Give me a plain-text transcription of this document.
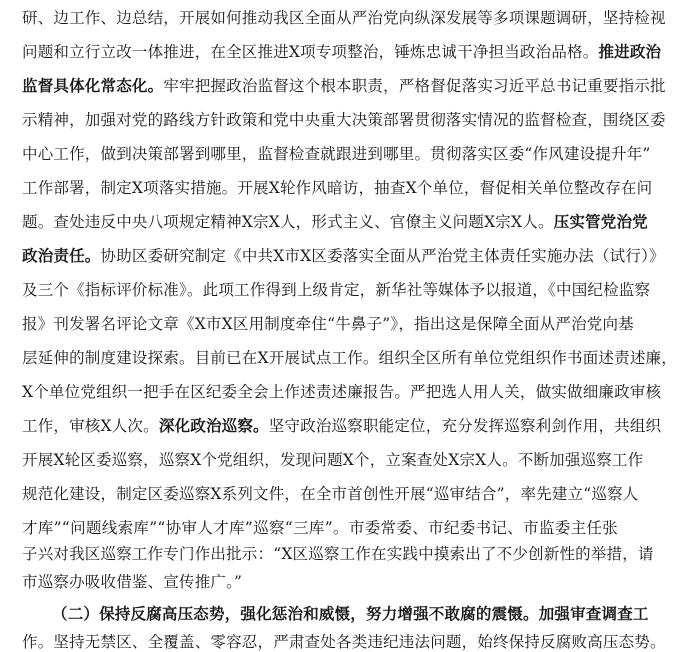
研、边工作、边总结，开展如何推动我区全面从严治党向纵深发展等多项课题调研，坚持检视
问题和立行立改一体推进，在全区推进X项专项整治，锤炼忠诚干净担当政治品格。推进政治
监督具体化常态化。牢牢把握政治监督这个根本职责，严格督促落实习近平总书记重要指示批
示精神，加强对党的路线方针政策和党中央重大决策部署贯彻落实情况的监督检查，围绕区委
中心工作，做到决策部署到哪里，监督检查就跟进到哪里。贯彻落实区委“作风建设提升年”
工作部署，制定X项落实措施。开展X轮作风暗访，抽查X个单位，督促相关单位整改存在问
题。查处违反中央八项规定精神X宗X人，形式主义、官僚主义问题X宗X人。压实管党治党
政治责任。协助区委研究制定《中共X市X区委落实全面从严治党主体责任实施办法（试行）》
及三个《指标评价标准》。此项工作得到上级肯定，新华社等媒体予以报道，《中国纪检监察
报》刊发署名评论文章《X市X区用制度牵住“牛鼻子”》，指出这是保障全面从严治党向基
层延伸的制度建设探索。目前已在X开展试点工作。组织全区所有单位党组织作书面述责述廉，
X个单位党组织一把手在区纪委全会上作述责述廉报告。严把选人用人关，做实做细廉政审核
工作，审核X人次。深化政治巡察。坚守政治巡察职能定位，充分发挥巡察利剑作用，共组织
开展X轮区委巡察，巡察X个党组织，发现问题X个，立案查处X宗X人。不断加强巡察工作
规范化建设，制定区委巡察X系列文件，在全市首创性开展“巡审结合”，率先建立“巡察人
才库”“问题线索库”“协审人才库”巡察“三库”。市委常委、市纪委书记、市监委主任张
子兴对我区巡察工作专门作出批示：“X区巡察工作在实践中摸索出了不少创新性的举措，请
市巡察办吸收借鉴、宣传推广。”
（二）保持反腐高压态势，强化惩治和威慑，努力增强不敢腐的震慑。加强审查调查工
作。坚持无禁区、全覆盖、零容忍，严肃查处各类违纪违法问题，始终保持反腐败高压态势。
